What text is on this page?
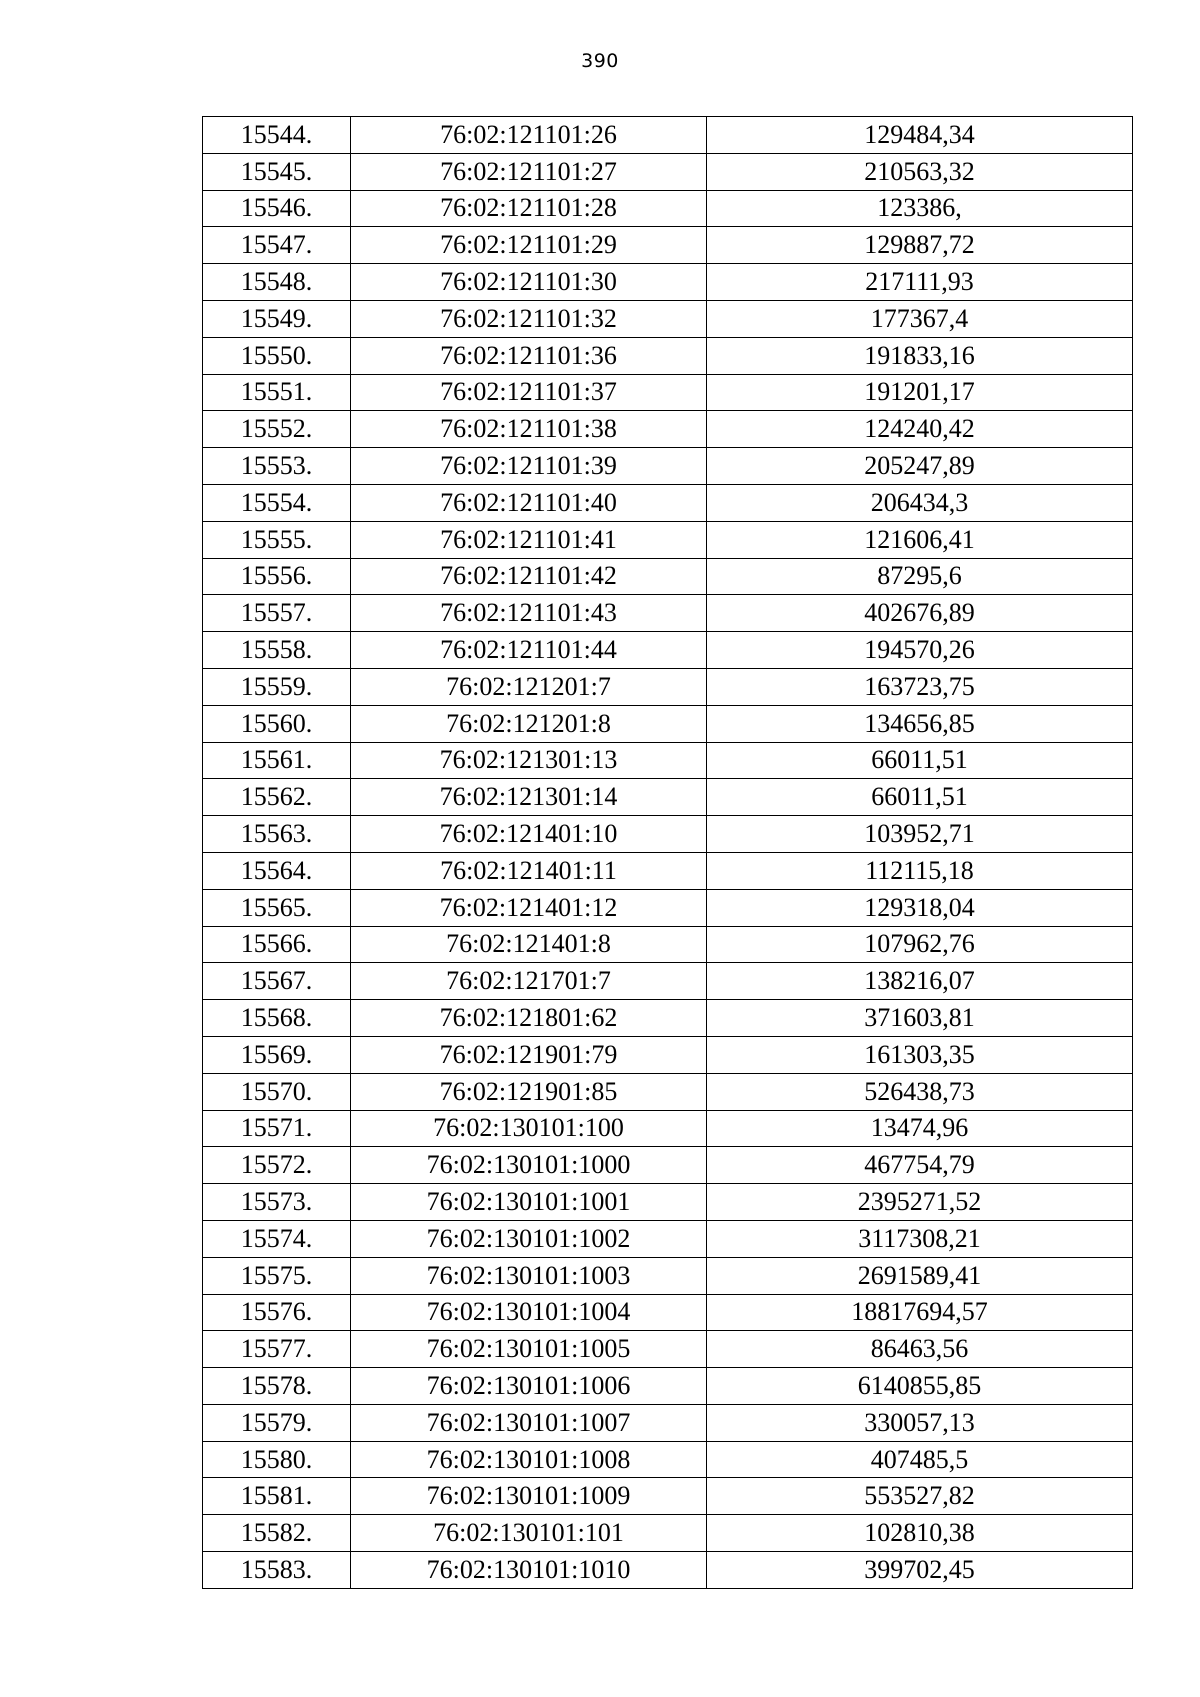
390
15544.	76:02:121101:26	129484,34
15545.	76:02:121101:27	210563,32
15546.	76:02:121101:28	123386,
15547.	76:02:121101:29	129887,72
15548.	76:02:121101:30	217111,93
15549.	76:02:121101:32	177367,4
15550.	76:02:121101:36	191833,16
15551.	76:02:121101:37	191201,17
15552.	76:02:121101:38	124240,42
15553.	76:02:121101:39	205247,89
15554.	76:02:121101:40	206434,3
15555.	76:02:121101:41	121606,41
15556.	76:02:121101:42	87295,6
15557.	76:02:121101:43	402676,89
15558.	76:02:121101:44	194570,26
15559.	76:02:121201:7	163723,75
15560.	76:02:121201:8	134656,85
15561.	76:02:121301:13	66011,51
15562.	76:02:121301:14	66011,51
15563.	76:02:121401:10	103952,71
15564.	76:02:121401:11	112115,18
15565.	76:02:121401:12	129318,04
15566.	76:02:121401:8	107962,76
15567.	76:02:121701:7	138216,07
15568.	76:02:121801:62	371603,81
15569.	76:02:121901:79	161303,35
15570.	76:02:121901:85	526438,73
15571.	76:02:130101:100	13474,96
15572.	76:02:130101:1000	467754,79
15573.	76:02:130101:1001	2395271,52
15574.	76:02:130101:1002	3117308,21
15575.	76:02:130101:1003	2691589,41
15576.	76:02:130101:1004	18817694,57
15577.	76:02:130101:1005	86463,56
15578.	76:02:130101:1006	6140855,85
15579.	76:02:130101:1007	330057,13
15580.	76:02:130101:1008	407485,5
15581.	76:02:130101:1009	553527,82
15582.	76:02:130101:101	102810,38
15583.	76:02:130101:1010	399702,45
